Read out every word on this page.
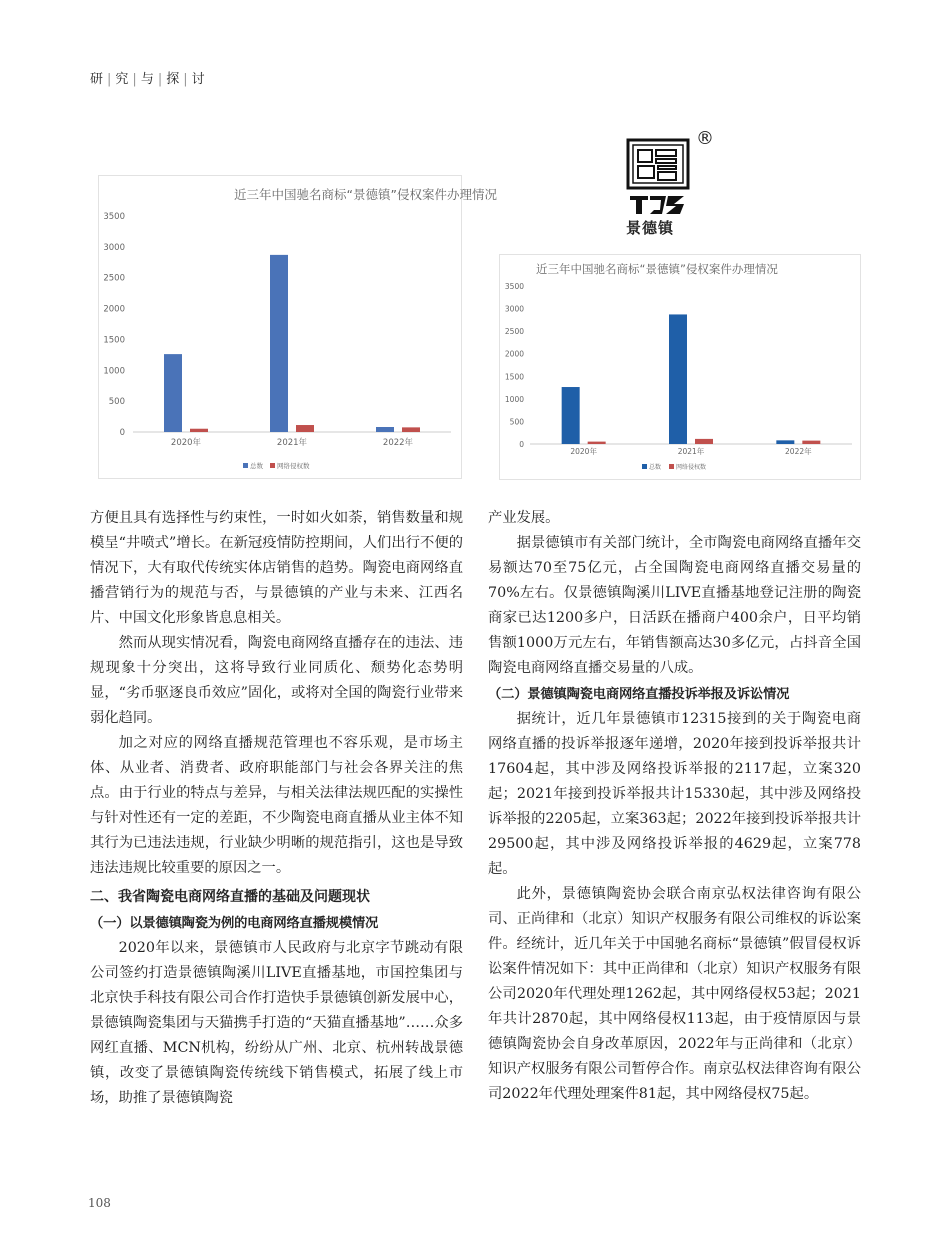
研 | 究 | 与 | 探 | 讨
近三年中国驰名商标“景德镇”侵权案件办理情况
0
500
1000
1500
2000
2500
3000
3500
2020年	2021年	2022年
总数 网络侵权数
®
景德镇
近三年中国驰名商标“景德镇”侵权案件办理情况
0
500
1000
1500
2000
2500
3000
3500
2020年	2021年	2022年
总数 网络侵权数

方便且具有选择性与约束性，一时如火如荼，销售数量和规模呈“井喷式”增长。在新冠疫情防控期间，人们出行不便的情况下，大有取代传统实体店销售的趋势。陶瓷电商网络直播营销行为的规范与否，与景德镇的产业与未来、江西名片、中国文化形象皆息息相关。

然而从现实情况看，陶瓷电商网络直播存在的违法、违规现象十分突出，这将导致行业同质化、颓势化态势明显，“劣币驱逐良币效应”固化，或将对全国的陶瓷行业带来弱化趋同。

加之对应的网络直播规范管理也不容乐观，是市场主体、从业者、消费者、政府职能部门与社会各界关注的焦点。由于行业的特点与差异，与相关法律法规匹配的实操性与针对性还有一定的差距，不少陶瓷电商直播从业主体不知其行为已违法违规，行业缺少明晰的规范指引，这也是导致违法违规比较重要的原因之一。

二、我省陶瓷电商网络直播的基础及问题现状
（一）以景德镇陶瓷为例的电商网络直播规模情况

2020年以来，景德镇市人民政府与北京字节跳动有限公司签约打造景德镇陶溪川LIVE直播基地，市国控集团与北京快手科技有限公司合作打造快手景德镇创新发展中心，景德镇陶瓷集团与天猫携手打造的“天猫直播基地”……众多网红直播、MCN机构，纷纷从广州、北京、杭州转战景德镇，改变了景德镇陶瓷传统线下销售模式，拓展了线上市场，助推了景德镇陶瓷

产业发展。

据景德镇市有关部门统计，全市陶瓷电商网络直播年交易额达70至75亿元，占全国陶瓷电商网络直播交易量的70%左右。仅景德镇陶溪川LIVE直播基地登记注册的陶瓷商家已达1200多户，日活跃在播商户400余户，日平均销售额1000万元左右，年销售额高达30多亿元，占抖音全国陶瓷电商网络直播交易量的八成。

（二）景德镇陶瓷电商网络直播投诉举报及诉讼情况

据统计，近几年景德镇市12315接到的关于陶瓷电商网络直播的投诉举报逐年递增，2020年接到投诉举报共计17604起，其中涉及网络投诉举报的2117起，立案320起；2021年接到投诉举报共计15330起，其中涉及网络投诉举报的2205起，立案363起；2022年接到投诉举报共计29500起，其中涉及网络投诉举报的4629起，立案778起。

此外，景德镇陶瓷协会联合南京弘权法律咨询有限公司、正尚律和（北京）知识产权服务有限公司维权的诉讼案件。经统计，近几年关于中国驰名商标“景德镇”假冒侵权诉讼案件情况如下：其中正尚律和（北京）知识产权服务有限公司2020年代理处理1262起，其中网络侵权53起；2021年共计2870起，其中网络侵权113起，由于疫情原因与景德镇陶瓷协会自身改革原因，2022年与正尚律和（北京）知识产权服务有限公司暂停合作。南京弘权法律咨询有限公司2022年代理处理案件81起，其中网络侵权75起。

108
